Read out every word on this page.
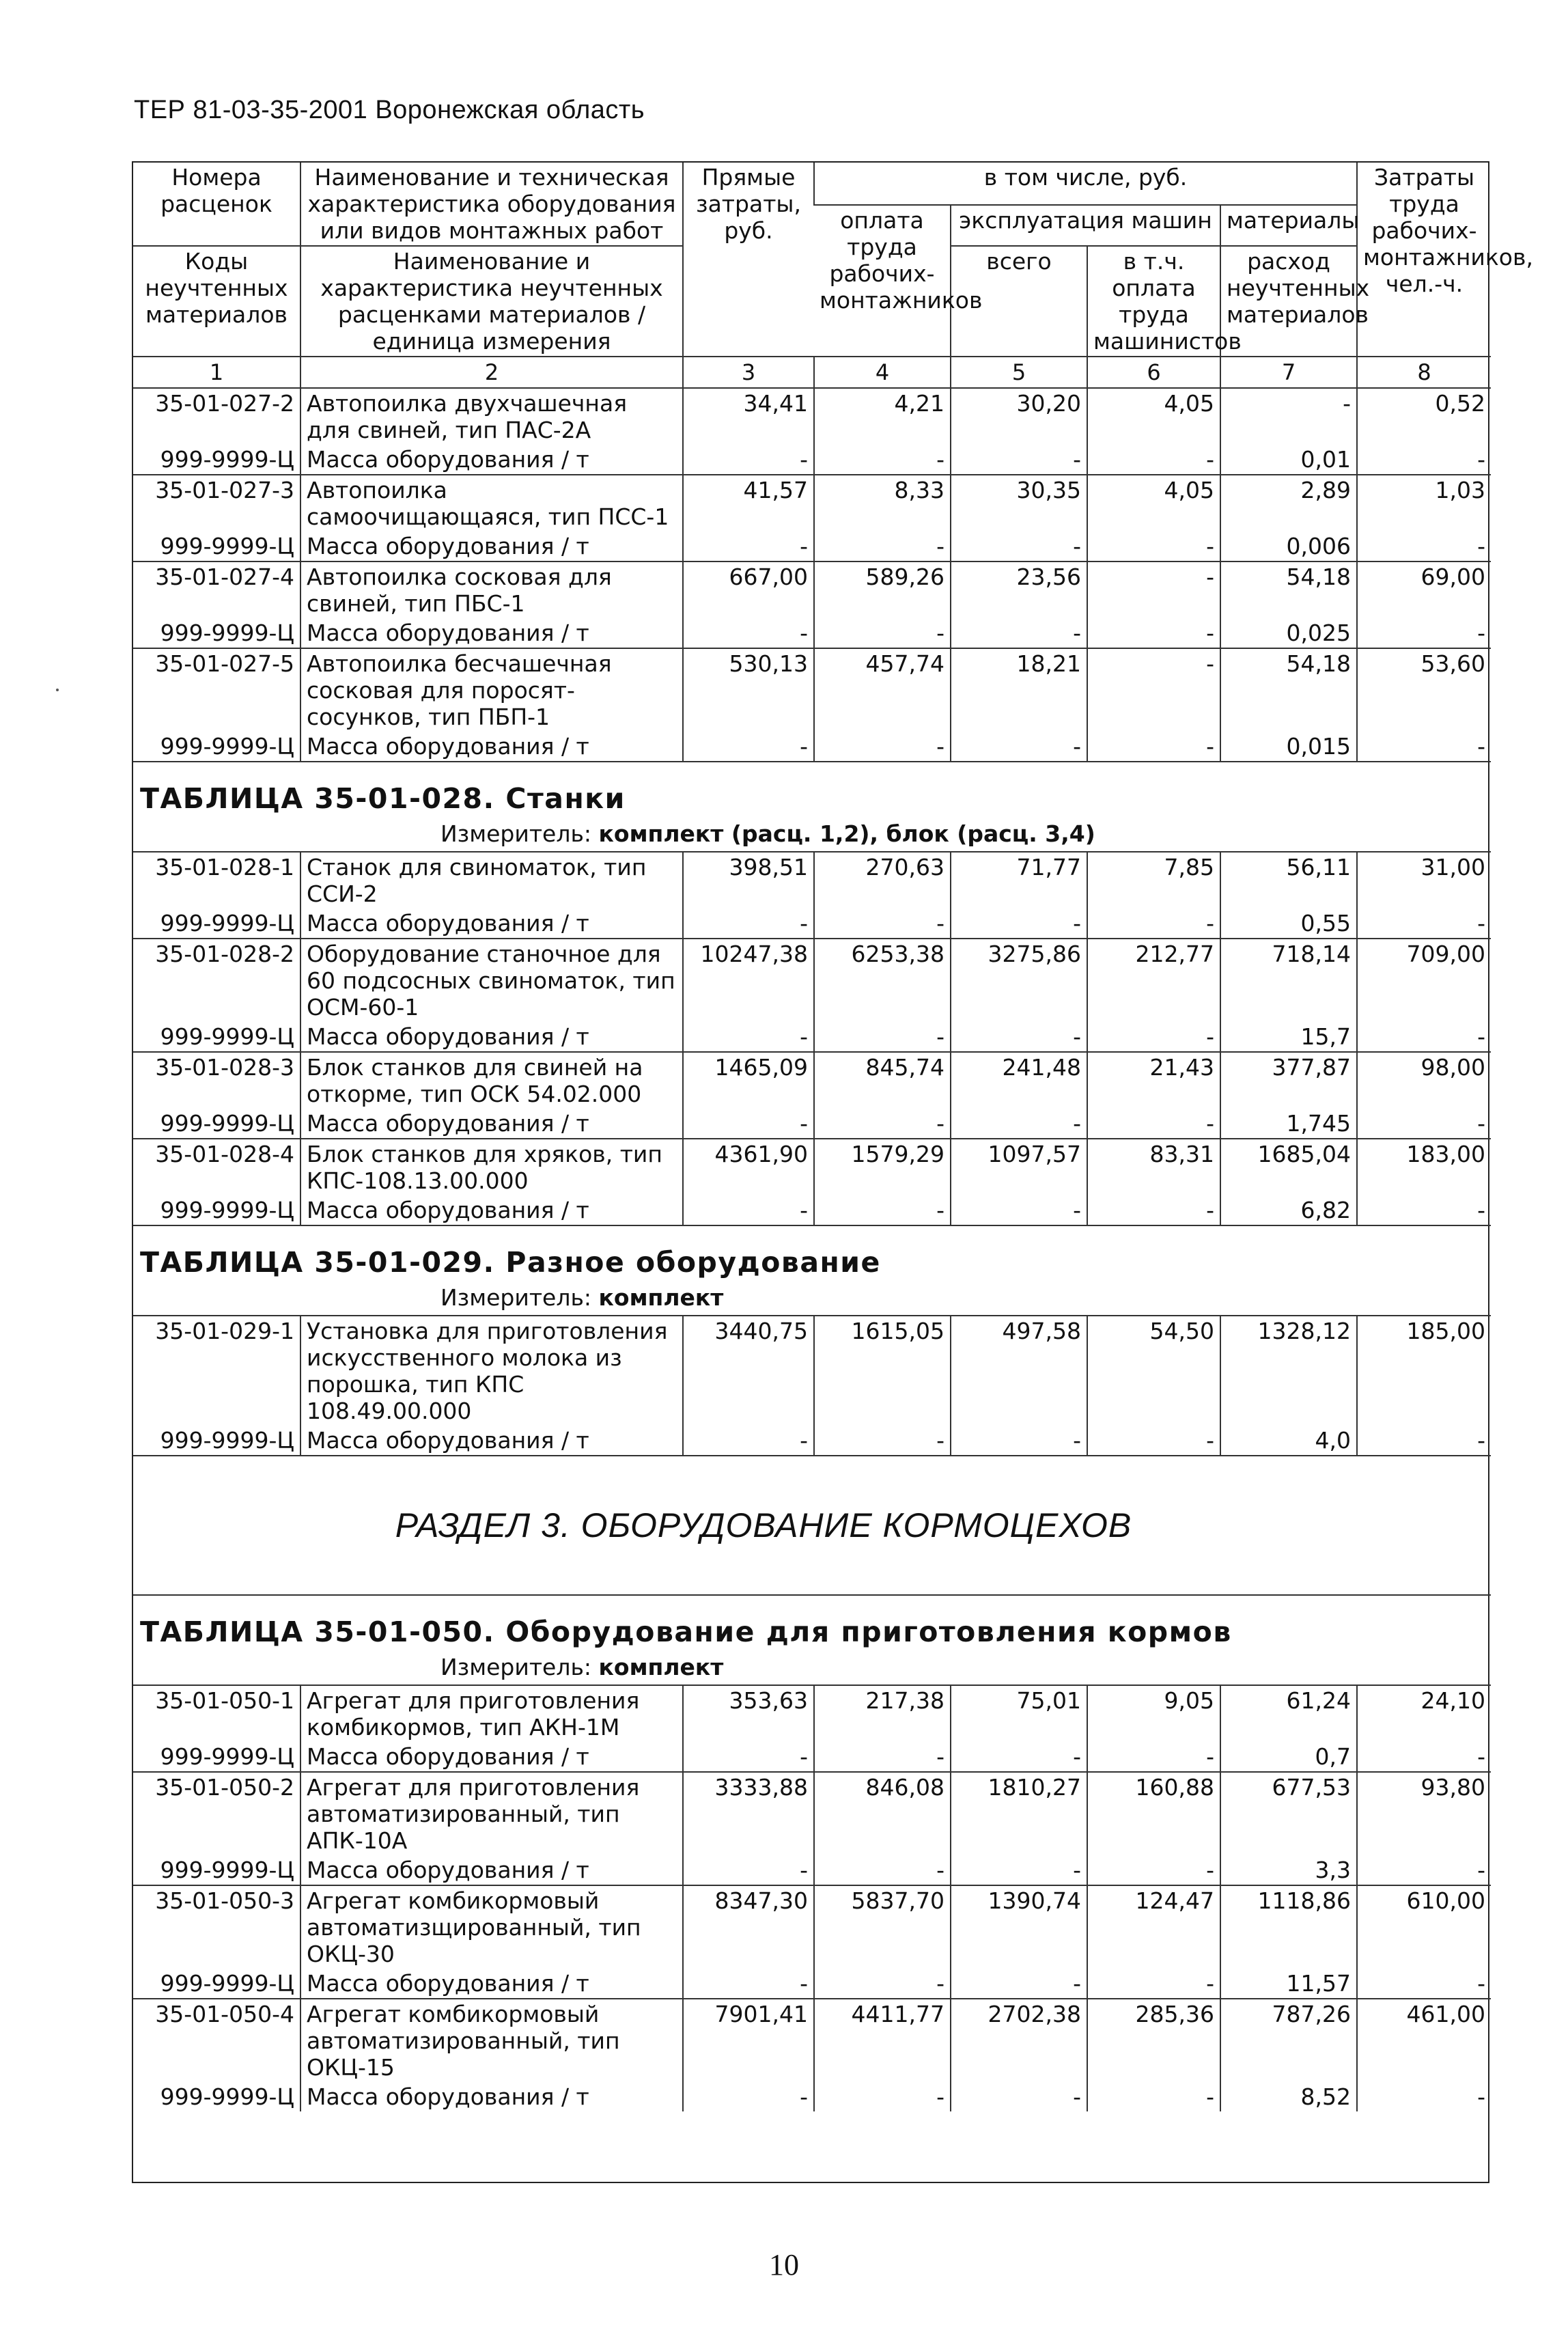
ТЕР 81-03-35-2001 Воронежская область
Номера расценок	Наименование и техническая характеристика оборудования или видов монтажных работ	Прямые затраты, руб.	в том числе, руб.				Затраты труда рабочих-монтажников, чел.-ч.
			оплата труда рабочих-монтажников	эксплуатация машин		материалы	
Коды неучтенных материалов	Наименование и характеристика неучтенных расценками материалов / единица измерения			всего	в т.ч. оплата труда машинистов	расход неучтенных материалов	

1	2	3	4	5	6	7	8
35-01-027-2	Автопоилка двухчашечная для свиней, тип ПАС-2А	34,41	4,21	30,20	4,05	-	0,52
999-9999-Ц	Масса оборудования / т	-	-	-	-	0,01	-
35-01-027-3	Автопоилка самоочищающаяся, тип ПСС-1	41,57	8,33	30,35	4,05	2,89	1,03
999-9999-Ц	Масса оборудования / т	-	-	-	-	0,006	-
35-01-027-4	Автопоилка сосковая для свиней, тип ПБС-1	667,00	589,26	23,56	-	54,18	69,00
999-9999-Ц	Масса оборудования / т	-	-	-	-	0,025	-
35-01-027-5	Автопоилка бесчашечная сосковая для поросят-сосунков, тип ПБП-1	530,13	457,74	18,21	-	54,18	53,60
999-9999-Ц	Масса оборудования / т	-	-	-	-	0,015	-
ТАБЛИЦА 35-01-028. Станки							
Измеритель: комплект (расц. 1,2), блок (расц. 3,4)							
35-01-028-1	Станок для свиноматок, тип ССИ-2	398,51	270,63	71,77	7,85	56,11	31,00
999-9999-Ц	Масса оборудования / т	-	-	-	-	0,55	-
35-01-028-2	Оборудование станочное для 60 подсосных свиноматок, тип ОСМ-60-1	10247,38	6253,38	3275,86	212,77	718,14	709,00
999-9999-Ц	Масса оборудования / т	-	-	-	-	15,7	-
35-01-028-3	Блок станков для свиней на откорме, тип ОСК 54.02.000	1465,09	845,74	241,48	21,43	377,87	98,00
999-9999-Ц	Масса оборудования / т	-	-	-	-	1,745	-
35-01-028-4	Блок станков для хряков, тип КПС-108.13.00.000	4361,90	1579,29	1097,57	83,31	1685,04	183,00
999-9999-Ц	Масса оборудования / т	-	-	-	-	6,82	-
ТАБЛИЦА 35-01-029. Разное оборудование							
Измеритель: комплект							
35-01-029-1	Установка для приготовления искусственного молока из порошка, тип КПС 108.49.00.000	3440,75	1615,05	497,58	54,50	1328,12	185,00
999-9999-Ц	Масса оборудования / т	-	-	-	-	4,0	-
РАЗДЕЛ 3. ОБОРУДОВАНИЕ КОРМОЦЕХОВ							
ТАБЛИЦА 35-01-050. Оборудование для приготовления кормов							
Измеритель: комплект							
35-01-050-1	Агрегат для приготовления комбикормов, тип АКН-1М	353,63	217,38	75,01	9,05	61,24	24,10
999-9999-Ц	Масса оборудования / т	-	-	-	-	0,7	-
35-01-050-2	Агрегат для приготовления автоматизированный, тип АПК-10А	3333,88	846,08	1810,27	160,88	677,53	93,80
999-9999-Ц	Масса оборудования / т	-	-	-	-	3,3	-
35-01-050-3	Агрегат комбикормовый автоматизщированный, тип ОКЦ-30	8347,30	5837,70	1390,74	124,47	1118,86	610,00
999-9999-Ц	Масса оборудования / т	-	-	-	-	11,57	-
35-01-050-4	Агрегат комбикормовый автоматизированный, тип ОКЦ-15	7901,41	4411,77	2702,38	285,36	787,26	461,00
999-9999-Ц	Масса оборудования / т	-	-	-	-	8,52	-
10
